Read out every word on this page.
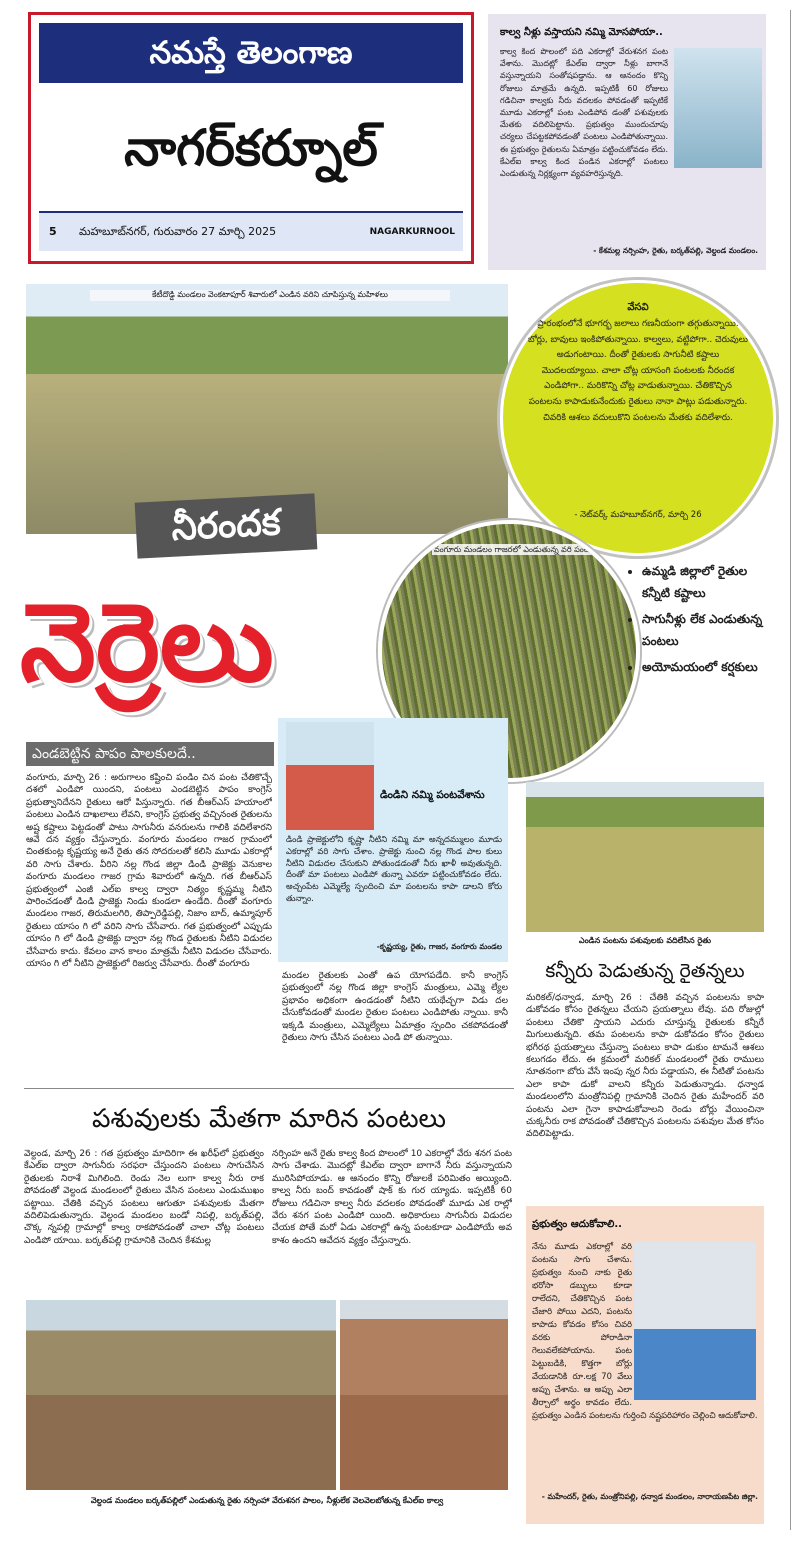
నమస్తే తెలంగాణ
నాగర్‌కర్నూల్
5 మహబూబ్‌నగర్, గురువారం 27 మార్చి 2025	NAGARKURNOOL
కాల్వ నీళ్లు వస్తాయని నమ్మి మోసపోయా..
కాల్వ కింద పొలంలో పది ఎకరాల్లో వేరుశనగ పంట వేశాను. మొదట్లో కేఎల్ఐ ద్వారా నీళ్లు బాగానే వస్తున్నాయని సంతోషపడ్డాను. ఆ ఆనందం కొన్ని రోజులు మాత్రమే ఉన్నది. ఇప్పటికీ 60 రోజులు గడిచినా కాల్వకు నీరు వదలకం పోవడంతో ఇప్పటికే మూడు ఎకరాల్లో పంట ఎండిపోవ డంతో పశువులకు మేతకు వదిలిపెట్టాను. ప్రభుత్వం ముందుచూపు చర్యలు చేపట్టకపోవడంతో పంటలు ఎండిపోతున్నాయి. ఈ ప్రభుత్వం రైతులను ఏమాత్రం పట్టించుకోవడం లేదు. కేఎల్ఐ కాల్వ కింద పండిన ఎకరాల్లో పంటలు ఎండుతున్న నిర్లక్ష్యంగా వ్యవహరిస్తున్నది.
- కేశమల్ల నర్సింహ, రైతు, బర్కత్‌పల్లి, వెల్దండ మండలం.
కేటీదొడ్డి మండలం వెంకటాపూర్ శివారులో ఎండిన వరిని చూపిస్తున్న మహిళలు
వేసవి
ప్రారంభంలోనే భూగర్భ జలాలు గణనీయంగా తగ్గుతున్నాయి. బోర్లు, బావులు ఇంకిపోతున్నాయి. కాల్వలు, వట్టిపోగా.. చెరువులు అడుగంటాయి. దీంతో రైతులకు సాగునీటి కష్టాలు మొదలయ్యాయి. చాలా చోట్ల యాసంగి పంటలకు నీరందక ఎండిపోగా.. మరికొన్ని చోట్ల వాడుతున్నాయి. చేతికొచ్చిన పంటలను కాపాడుకునేందుకు రైతులు నానా పాట్లు పడుతున్నారు. చివరికి ఆశలు వదులుకొని పంటలను మేతకు వదిలేశారు.
- నెట్‌వర్క్ మహబూబ్‌నగర్, మార్చి 26
నీరందక
నెర్రెలు
వంగూరు మండలం గాజరలో ఎండుతున్న వరి పంట
• ఉమ్మడి జిల్లాలో రైతుల కన్నీటి కష్టాలు
• సాగునీళ్లు లేక ఎండుతున్న పంటలు
• అయోమయంలో కర్షకులు
ఎండబెట్టిన పాపం పాలకులదే..
వంగూరు, మార్చి 26 : అరుగాలం కష్టించి పండిం చిన పంట చేతికొచ్చే దశలో ఎండిపో యిందని, పంటలు ఎండబెట్టిన పాపం కాంగ్రెస్ ప్రభుత్వానిదేనని రైతులు ఆరో పిస్తున్నారు. గత బీఆర్ఎస్ హయాంలో పంటలు ఎండిన దాఖలాలు లేవని, కాంగ్రెస్ ప్రభుత్వ వచ్చినంత రైతులను అష్ట కష్టాలు పెట్టడంతో పాటు సాగునీరు వనరులను గాలికి వదిలేశారని ఆవే దన వ్యక్తం చేస్తున్నారు. వంగూరు మండలం గాజర గ్రామంలో చింతకుంట్ల కృష్ణయ్య అనే రైతు తన సోదరులతో కలిసి మూడు ఎకరాల్లో వరి సాగు చేశారు. వీరిని నల్ల గొండ జిల్లా డిండి ప్రాజెక్టు వెనుకాల వంగూరు మండలం గాజర గ్రామ శివారులో ఉన్నది. గత బీఆర్ఎస్ ప్రభుత్వంలో ఎంజీ ఎల్ఐ కాల్వ ద్వారా నిత్యం కృష్ణమ్మ నీటిని పారించడంతో డిండి ప్రాజెక్టు నిండు కుండలా ఉండేది. దీంతో వంగూరు మండలం గాజర, తిరుమలగిరి, తిప్పారెడ్డిపల్లి, నిజాం బాద్, ఉమ్మాపూర్ రైతులు యాసం గి లో వరిని సాగు చేసేవారు. గత ప్రభుత్వంలో ఎప్పుడు యాసం గి లో డిండి ప్రాజెక్టు ద్వారా నల్ల గొండ రైతులకు నీటిని విడుదల చేసేవారు కాదు. కేవలం వాన కాలం మాత్రమే నీటిని విడుదల చేసేవారు. యాసం గి లో నీటిని ప్రాజెక్టులో రిజర్వు చేసేవారు. దీంతో వంగూరు
డిండిని నమ్మి పంటవేశాను
డిండి ప్రాజెక్టులోని కృష్ణా నీటిని నమ్మి మా అన్నదమ్ములం మూడు ఎకరాల్లో వరి సాగు చేశాం. ప్రాజెక్టు నుంచి నల్ల గొండ పాల కులు నీటిని విడుదల చేసుకుని పోతుండడంతో నీరు ఖాళీ అవుతున్నది. దీంతో మా పంటలు ఎండిపో తున్నా ఎవరూ పట్టించుకోవడం లేదు. అచ్చంపేట ఎమ్మెల్యే స్పందించి మా పంటలను కాపా డాలని కోరు తున్నాం.
-కృష్ణయ్య, రైతు, గాజర, వంగూరు మండల
మండల రైతులకు ఎంతో ఉప యోగపడేది. కానీ కాంగ్రెస్ ప్రభుత్వంలో నల్ల గొండ జిల్లా కాంగ్రెస్ మంత్రులు, ఎమ్మె ల్యేల ప్రభావం అధికంగా ఉండడంతో నీటిని యథేచ్ఛగా విడు దల చేసుకోవడంతో మండల రైతుల పంటలు ఎండిపోతు న్నాయి. కానీ ఇక్కడి మంత్రులు, ఎమ్మెల్యేలు ఏమాత్రం స్పందిం చకపోవడంతో రైతులు సాగు చేసిన పంటలు ఎండి పో తున్నాయి.
ఎండిన పంటను పశువులకు వదిలేసిన రైతు
కన్నీరు పెడుతున్న రైతన్నలు
మరికల్/ధన్వాడ, మార్చి 26 : చేతికి వచ్చిన పంటలను కాపా డుకోవడం కోసం రైతన్నలు చేయని ప్రయత్నాలు లేవు. పది రోజుల్లో పంటలు చేతికొ స్తాయని ఎదురు చూస్తున్న రైతులకు కన్నీరే మిగులుతున్నది. తమ పంటలను కాపా డుకోవడం కోసం రైతులు భగీరథ ప్రయత్నాలు చేస్తున్నా పంటలు కాపా డుకుం టామనే ఆశలు కలుగడం లేదు. ఈ క్రమంలో మరికల్ మండలంలో రైతు రాములు నూతనంగా బోరు వేసే ఇంపు న్నర నీరు పడ్డాయని, ఈ నీటితో పంటను ఎలా కాపా డుకో వాలని కన్నీరు పెడుతున్నాడు. ధన్వాడ మండలంలోని మంత్రోనిపల్లి గ్రామానికి చెందిన రైతు మహేందర్ వరి పంటను ఎలా గైనా కాపాడుకోవాలని రెండు బోర్లు వేయించినా చుక్కనీరు రాక పోవడంతో చేతికొచ్చిన పంటలను పశువుల మేత కోసం వదిలిపెట్టాడు.
పశువులకు మేతగా మారిన పంటలు
వెల్దండ, మార్చి 26 : గత ప్రభుత్వం మాదిరిగా ఈ ఖరీఫ్‌లో ప్రభుత్వం కేఎల్ఐ ద్వారా సాగునీరు సరఫరా చేస్తుందని పంటలు సాగుచేసిన రైతులకు నిరాశే మిగిలింది. రెండు నెల లుగా కాల్వ నీరు రాక పోవడంతో వెల్దండ మండలంలో రైతులు వేసిన పంటలు ఎండుముఖం పట్టాయి. చేతికి వచ్చిన పంటలు ఆగుతూ పశువులకు మేతగా వదిలిపెడుతున్నారు. వెల్దండ మండలం బండో నిపల్లి, బర్కత్‌పల్లి, చొక్క న్నపల్లి గ్రామాల్లో కాల్వ రాకపోవడంతో చాలా చోట్ల పంటలు ఎండిపో యాయి. బర్కత్‌పల్లి గ్రామానికి చెందిన కేశమల్ల
నర్సింహ అనే రైతు కాల్వ కింద పొలంలో 10 ఎకరాల్లో వేరు శనగ పంట సాగు చేశాడు. మొదట్లో కేఎల్ఐ ద్వారా బాగానే నీరు వస్తున్నాయని మురిసిపోయాడు. ఆ ఆనందం కొన్ని రోజులకే పరిమితం అయ్యింది. కాల్వ నీరు బంద్ కావడంతో షాక్ కు గుర య్యాడు. ఇప్పటికీ 60 రోజులు గడిచినా కాల్వ నీరు వదలకం పోవడంతో మూడు ఎక రాల్లో వేరు శనగ పంట ఎండిపో యింది. అధికారులు సాగునీరు విడుదల చేయక పోతే మరో ఏడు ఎకరాల్లో ఉన్న పంటకూడా ఎండిపోయే అవ కాశం ఉందని ఆవేదన వ్యక్తం చేస్తున్నారు.
ప్రభుత్వం ఆదుకోవాలి..
నేను మూడు ఎకరాల్లో వరి పంటను సాగు చేశాను. ప్రభుత్వం నుంచి నాకు రైతు భరోసా డబ్బులు కూడా రాలేదని, చేతికొచ్చిన పంట చేజారి పోయి ఎదని, పంటను కాపాడు కోవడం కోసం చివరి వరకు పోరాడినా గెలువలేకపోయాను. పంట పెట్టుబడికి, కొత్తగా బోర్లు వేయడానికి రూ.లక్ష 70 వేలు అప్పు చేశాను. ఆ అప్పు ఎలా తీర్చాలో అర్థం కావడం లేదు. ప్రభుత్వం ఎండిన పంటలను గుర్తించి నష్టపరిహారం చెల్లించి ఆదుకోవాలి.
- మహేందర్, రైతు, మంత్రోనిపల్లి, ధన్వాడ మండలం, నారాయణపేట జిల్లా.
వెల్దండ మండలం బర్కత్‌పల్లిలో ఎండుతున్న రైతు నర్సింహా వేరుశనగ పాలం, నీళ్లులేక వెలవెలబోతున్న కేఎల్ఐ కాల్వ
